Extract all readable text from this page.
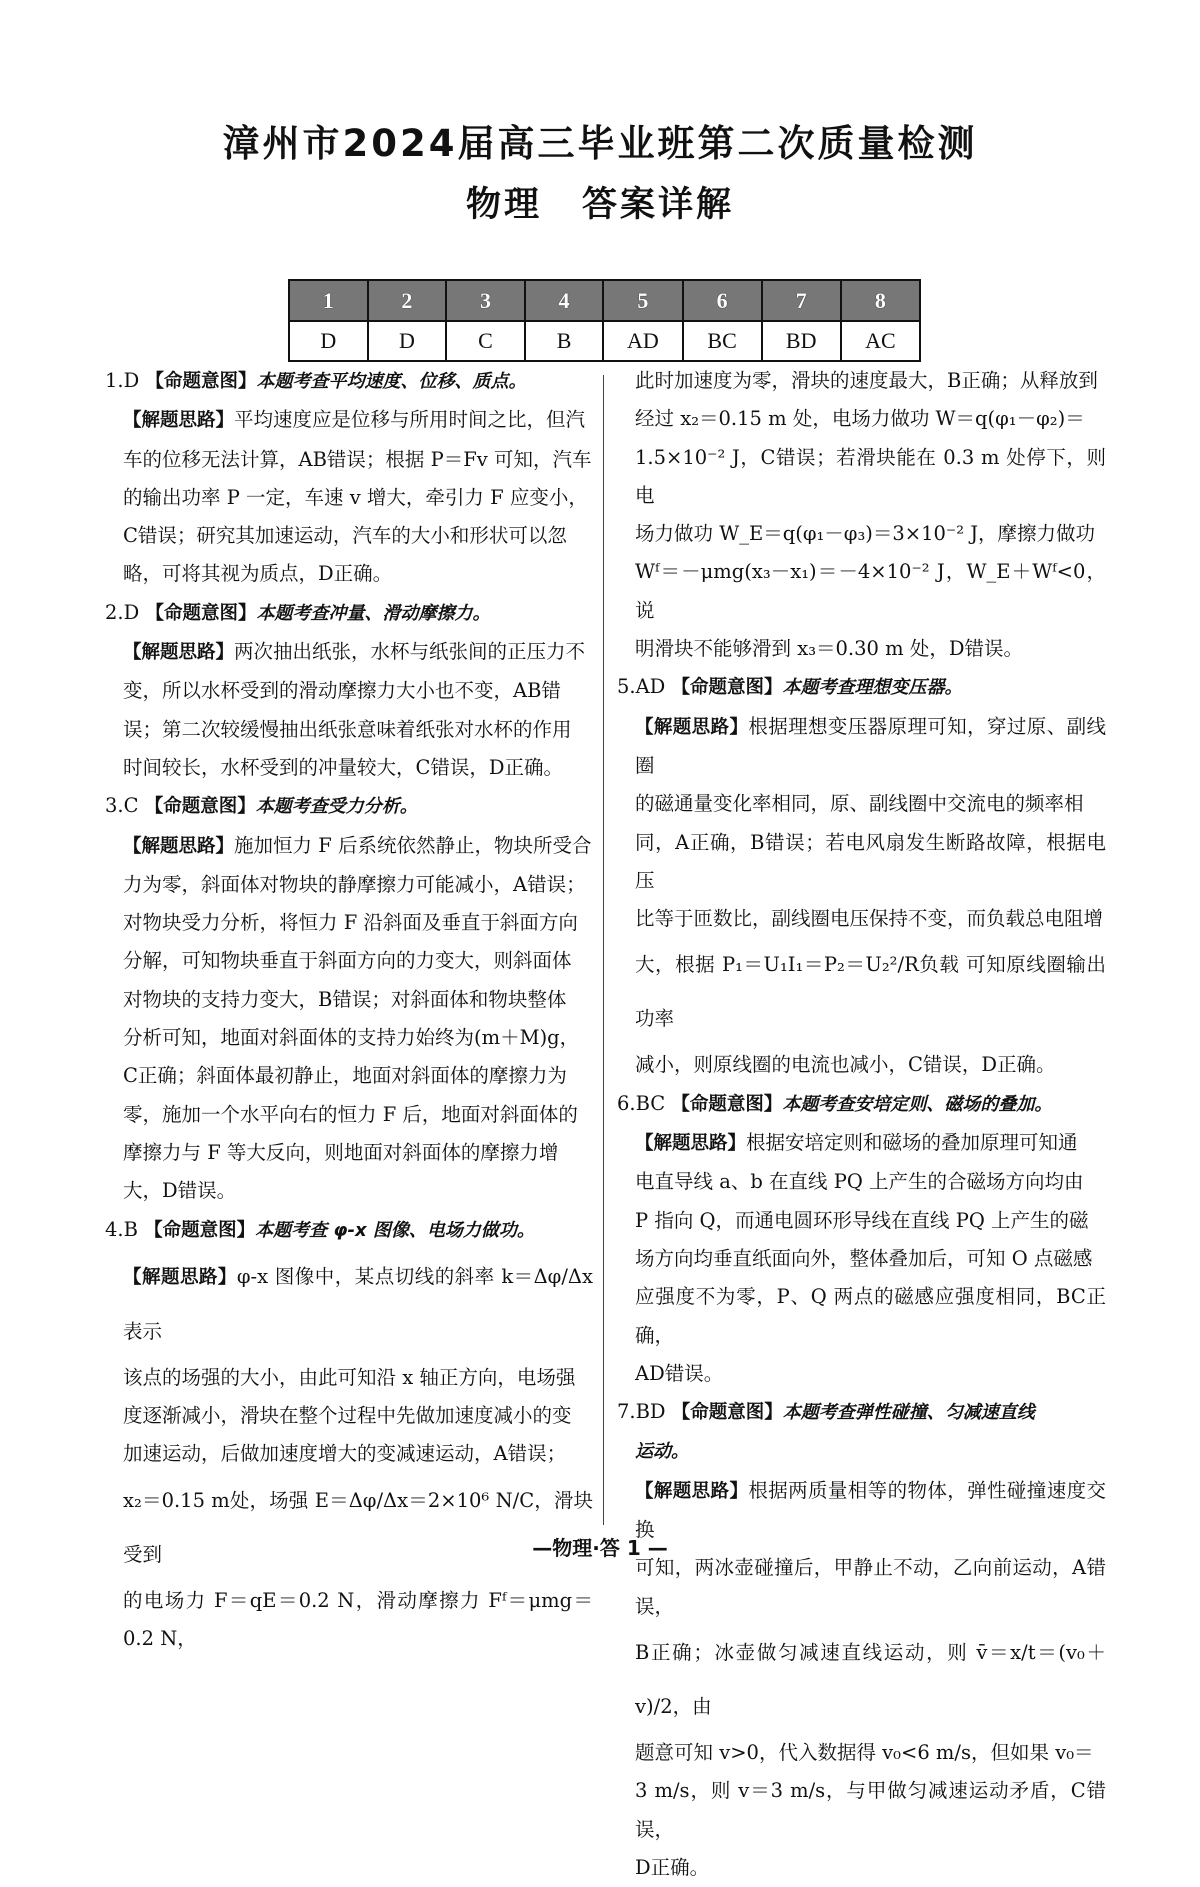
漳州市2024届高三毕业班第二次质量检测
物理 答案详解
1	2	3	4	5	6	7	8
D	D	C	B	AD	BC	BD	AC

1.D 【命题意图】本题考查平均速度、位移、质点。

【解题思路】平均速度应是位移与所用时间之比，但汽

车的位移无法计算，AB错误；根据 P＝Fv 可知，汽车

的输出功率 P 一定，车速 v 增大，牵引力 F 应变小，

C错误；研究其加速运动，汽车的大小和形状可以忽

略，可将其视为质点，D正确。

2.D 【命题意图】本题考查冲量、滑动摩擦力。

【解题思路】两次抽出纸张，水杯与纸张间的正压力不

变，所以水杯受到的滑动摩擦力大小也不变，AB错

误；第二次较缓慢抽出纸张意味着纸张对水杯的作用

时间较长，水杯受到的冲量较大，C错误，D正确。

3.C 【命题意图】本题考查受力分析。

【解题思路】施加恒力 F 后系统依然静止，物块所受合

力为零，斜面体对物块的静摩擦力可能减小，A错误；

对物块受力分析，将恒力 F 沿斜面及垂直于斜面方向

分解，可知物块垂直于斜面方向的力变大，则斜面体

对物块的支持力变大，B错误；对斜面体和物块整体

分析可知，地面对斜面体的支持力始终为(m＋M)g，

C正确；斜面体最初静止，地面对斜面体的摩擦力为

零，施加一个水平向右的恒力 F 后，地面对斜面体的

摩擦力与 F 等大反向，则地面对斜面体的摩擦力增

大，D错误。

4.B 【命题意图】本题考查 φ-x 图像、电场力做功。

【解题思路】φ-x 图像中，某点切线的斜率 k＝Δφ/Δx 表示

该点的场强的大小，由此可知沿 x 轴正方向，电场强

度逐渐减小，滑块在整个过程中先做加速度减小的变

加速运动，后做加速度增大的变减速运动，A错误；

x₂＝0.15 m处，场强 E＝Δφ/Δx＝2×10⁶ N/C，滑块受到

的电场力 F＝qE＝0.2 N，滑动摩擦力 Fᶠ＝μmg＝0.2 N，

此时加速度为零，滑块的速度最大，B正确；从释放到

经过 x₂＝0.15 m 处，电场力做功 W＝q(φ₁－φ₂)＝

1.5×10⁻² J，C错误；若滑块能在 0.3 m 处停下，则电

场力做功 W_E＝q(φ₁－φ₃)＝3×10⁻² J，摩擦力做功

Wᶠ＝－μmg(x₃－x₁)＝－4×10⁻² J，W_E＋Wᶠ<0，说

明滑块不能够滑到 x₃＝0.30 m 处，D错误。

5.AD 【命题意图】本题考查理想变压器。

【解题思路】根据理想变压器原理可知，穿过原、副线圈

的磁通量变化率相同，原、副线圈中交流电的频率相

同，A正确，B错误；若电风扇发生断路故障，根据电压

比等于匝数比，副线圈电压保持不变，而负载总电阻增

大，根据 P₁＝U₁I₁＝P₂＝U₂²/R负载 可知原线圈输出功率

减小，则原线圈的电流也减小，C错误，D正确。

6.BC 【命题意图】本题考查安培定则、磁场的叠加。

【解题思路】根据安培定则和磁场的叠加原理可知通

电直导线 a、b 在直线 PQ 上产生的合磁场方向均由

P 指向 Q，而通电圆环形导线在直线 PQ 上产生的磁

场方向均垂直纸面向外，整体叠加后，可知 O 点磁感

应强度不为零，P、Q 两点的磁感应强度相同，BC正确，

AD错误。

7.BD 【命题意图】本题考查弹性碰撞、匀减速直线

运动。

【解题思路】根据两质量相等的物体，弹性碰撞速度交换

可知，两冰壶碰撞后，甲静止不动，乙向前运动，A错误，

B正确；冰壶做匀减速直线运动，则 v̄＝x/t＝(v₀＋v)/2，由

题意可知 v>0，代入数据得 v₀<6 m/s，但如果 v₀＝

3 m/s，则 v＝3 m/s，与甲做匀减速运动矛盾，C错误，

D正确。

—物理·答 1 —
